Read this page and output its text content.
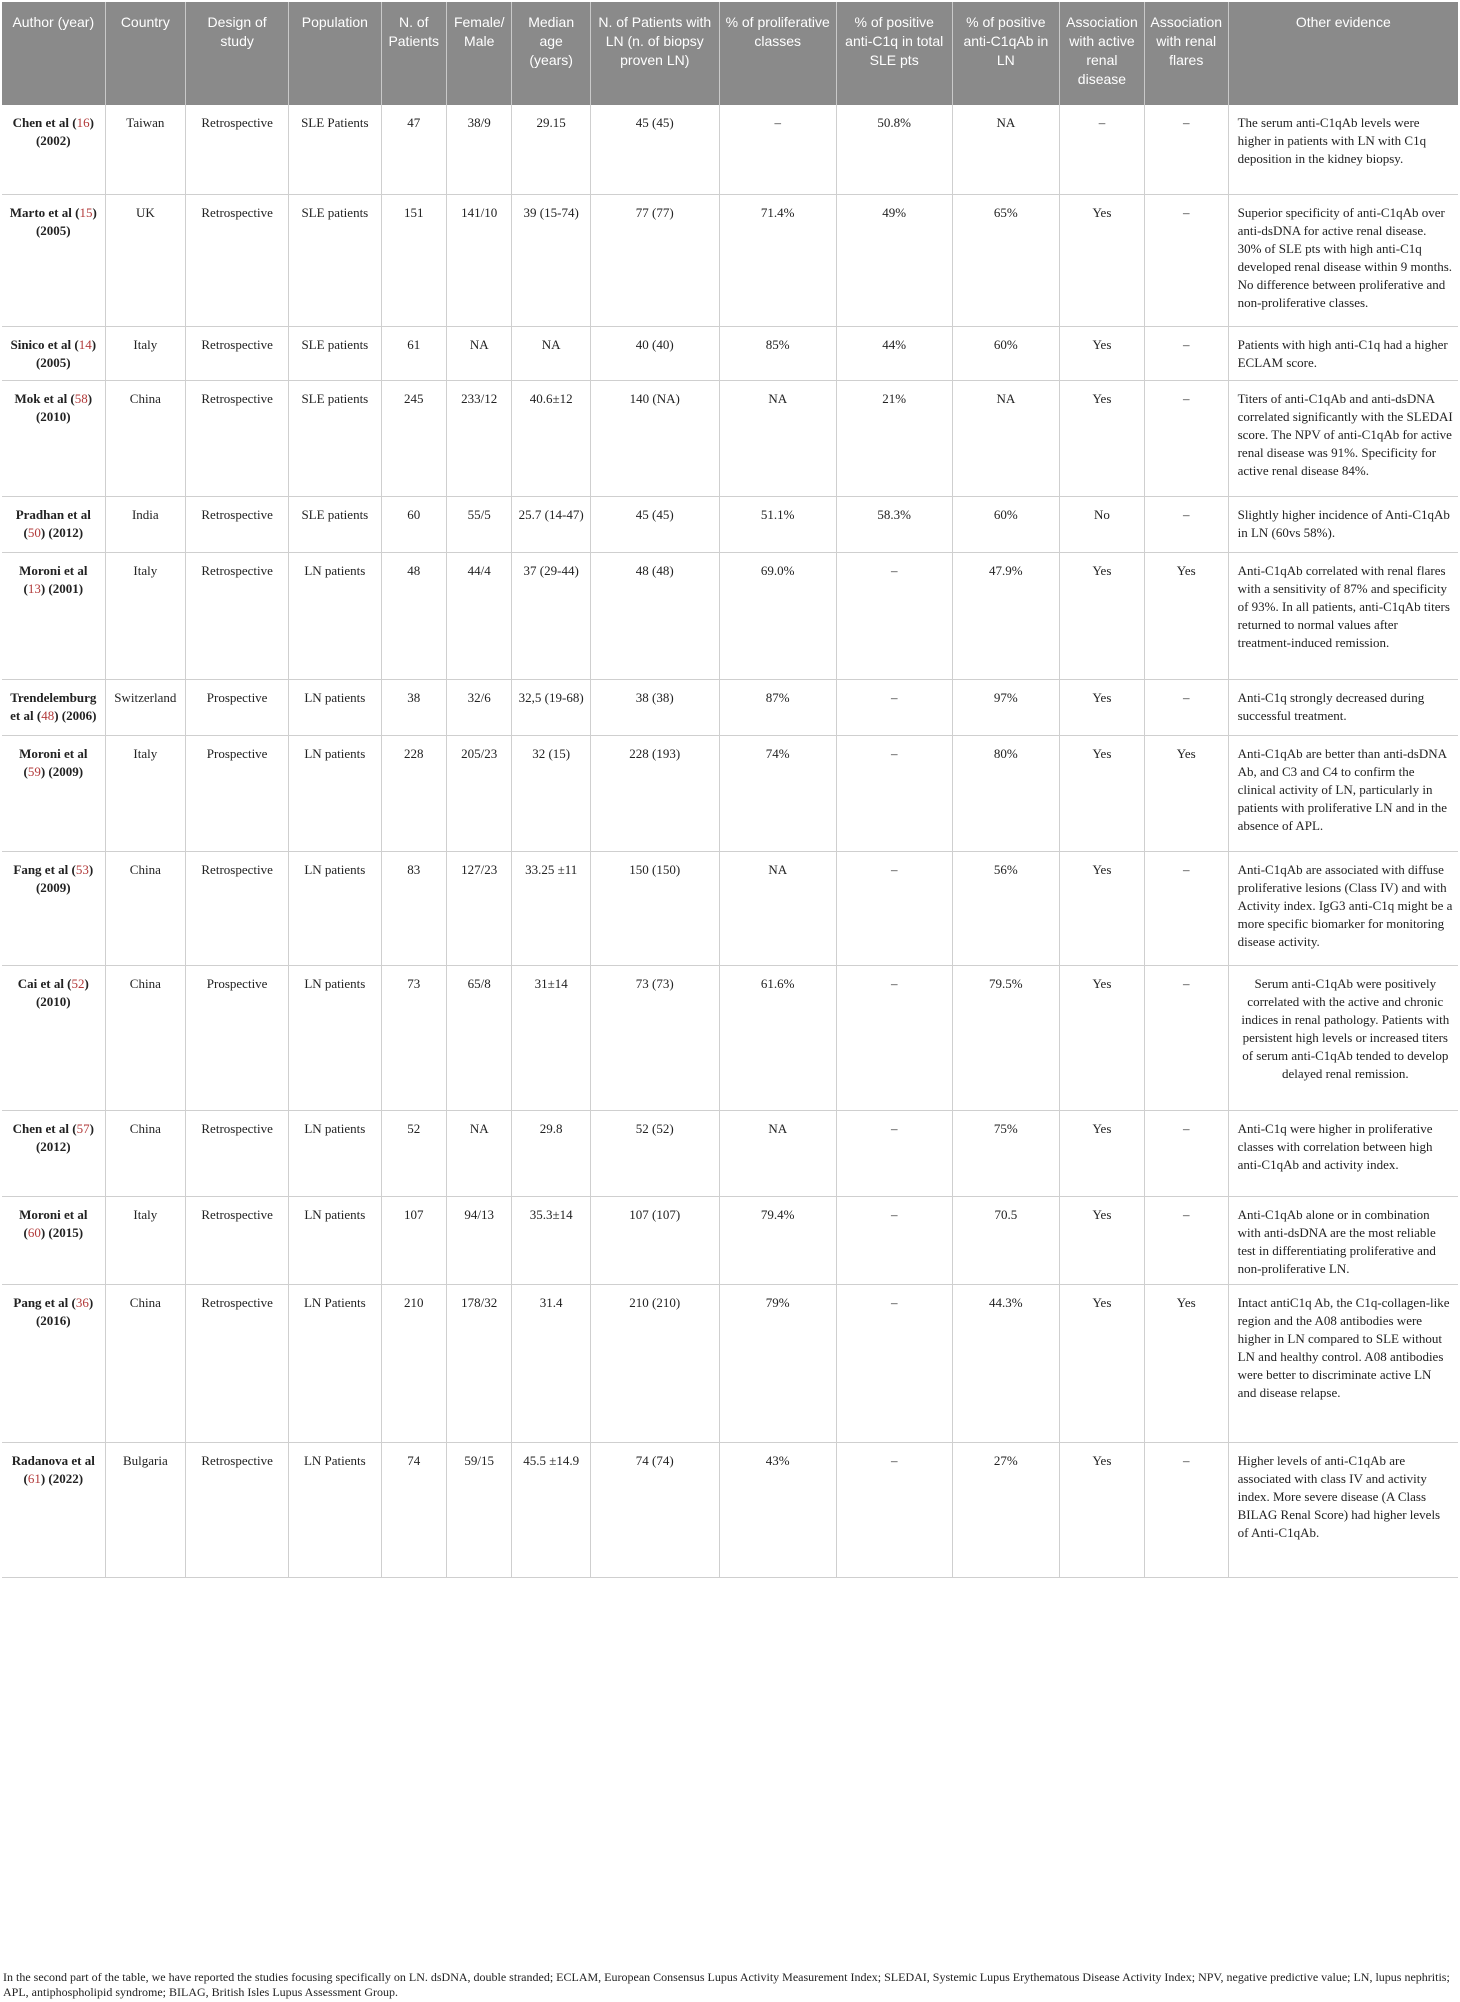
Author (year)	Country	Design of study	Population	N. of Patients	Female/ Male	Median age (years)	N. of Patients with LN (n. of biopsy proven LN)	% of proliferative classes	% of positive anti-C1q in total SLE pts	% of positive anti-C1qAb in LN	Association with active renal disease	Association with renal flares	Other evidence
Chen et al (16) (2002)	Taiwan	Retrospective	SLE Patients	47	38/9	29.15	45 (45)	–	50.8%	NA	–	–	The serum anti-C1qAb levels were higher in patients with LN with C1q deposition in the kidney biopsy.
Marto et al (15) (2005)	UK	Retrospective	SLE patients	151	141/10	39 (15-74)	77 (77)	71.4%	49%	65%	Yes	–	Superior specificity of anti-C1qAb over anti-dsDNA for active renal disease. 30% of SLE pts with high anti-C1q developed renal disease within 9 months. No difference between proliferative and non-proliferative classes.
Sinico et al (14) (2005)	Italy	Retrospective	SLE patients	61	NA	NA	40 (40)	85%	44%	60%	Yes	–	Patients with high anti-C1q had a higher ECLAM score.
Mok et al (58) (2010)	China	Retrospective	SLE patients	245	233/12	40.6±12	140 (NA)	NA	21%	NA	Yes	–	Titers of anti-C1qAb and anti-dsDNA correlated significantly with the SLEDAI score. The NPV of anti-C1qAb for active renal disease was 91%. Specificity for active renal disease 84%.
Pradhan et al (50) (2012)	India	Retrospective	SLE patients	60	55/5	25.7 (14-47)	45 (45)	51.1%	58.3%	60%	No	–	Slightly higher incidence of Anti-C1qAb in LN (60vs 58%).
Moroni et al (13) (2001)	Italy	Retrospective	LN patients	48	44/4	37 (29-44)	48 (48)	69.0%	–	47.9%	Yes	Yes	Anti-C1qAb correlated with renal flares with a sensitivity of 87% and specificity of 93%. In all patients, anti-C1qAb titers returned to normal values after treatment-induced remission.
Trendelemburg et al (48) (2006)	Switzerland	Prospective	LN patients	38	32/6	32,5 (19-68)	38 (38)	87%	–	97%	Yes	–	Anti-C1q strongly decreased during successful treatment.
Moroni et al (59) (2009)	Italy	Prospective	LN patients	228	205/23	32 (15)	228 (193)	74%	–	80%	Yes	Yes	Anti-C1qAb are better than anti-dsDNA Ab, and C3 and C4 to confirm the clinical activity of LN, particularly in patients with proliferative LN and in the absence of APL.
Fang et al (53) (2009)	China	Retrospective	LN patients	83	127/23	33.25 ±11	150 (150)	NA	–	56%	Yes	–	Anti-C1qAb are associated with diffuse proliferative lesions (Class IV) and with Activity index. IgG3 anti-C1q might be a more specific biomarker for monitoring disease activity.
Cai et al (52) (2010)	China	Prospective	LN patients	73	65/8	31±14	73 (73)	61.6%	–	79.5%	Yes	–	Serum anti-C1qAb were positively correlated with the active and chronic indices in renal pathology. Patients with persistent high levels or increased titers of serum anti-C1qAb tended to develop delayed renal remission.
Chen et al (57) (2012)	China	Retrospective	LN patients	52	NA	29.8	52 (52)	NA	–	75%	Yes	–	Anti-C1q were higher in proliferative classes with correlation between high anti-C1qAb and activity index.
Moroni et al (60) (2015)	Italy	Retrospective	LN patients	107	94/13	35.3±14	107 (107)	79.4%	–	70.5	Yes	–	Anti-C1qAb alone or in combination with anti-dsDNA are the most reliable test in differentiating proliferative and non-proliferative LN.
Pang et al (36) (2016)	China	Retrospective	LN Patients	210	178/32	31.4	210 (210)	79%	–	44.3%	Yes	Yes	Intact antiC1q Ab, the C1q-collagen-like region and the A08 antibodies were higher in LN compared to SLE without LN and healthy control. A08 antibodies were better to discriminate active LN and disease relapse.
Radanova et al (61) (2022)	Bulgaria	Retrospective	LN Patients	74	59/15	45.5 ±14.9	74 (74)	43%	–	27%	Yes	–	Higher levels of anti-C1qAb are associated with class IV and activity index. More severe disease (A Class BILAG Renal Score) had higher levels of Anti-C1qAb.
In the second part of the table, we have reported the studies focusing specifically on LN. dsDNA, double stranded; ECLAM, European Consensus Lupus Activity Measurement Index; SLEDAI, Systemic Lupus Erythematous Disease Activity Index; NPV, negative predictive value; LN, lupus nephritis; APL, antiphospholipid syndrome; BILAG, British Isles Lupus Assessment Group.
